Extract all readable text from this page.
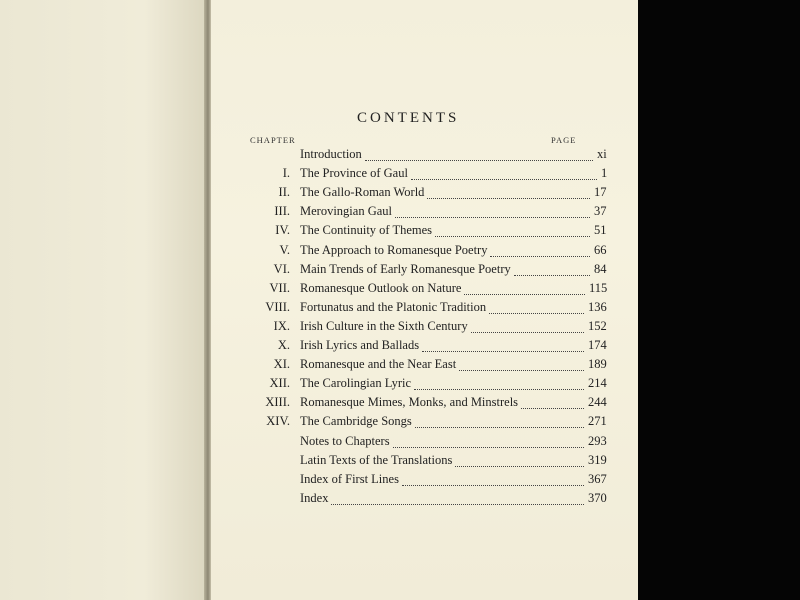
CONTENTS
CHAPTER	PAGE
Introduction	xi
I. The Province of Gaul	1
II. The Gallo-Roman World	17
III. Merovingian Gaul	37
IV. The Continuity of Themes	51
V. The Approach to Romanesque Poetry	66
VI. Main Trends of Early Romanesque Poetry	84
VII. Romanesque Outlook on Nature	115
VIII. Fortunatus and the Platonic Tradition	136
IX. Irish Culture in the Sixth Century	152
X. Irish Lyrics and Ballads	174
XI. Romanesque and the Near East	189
XII. The Carolingian Lyric	214
XIII. Romanesque Mimes, Monks, and Minstrels	244
XIV. The Cambridge Songs	271
Notes to Chapters	293
Latin Texts of the Translations	319
Index of First Lines	367
Index	370
